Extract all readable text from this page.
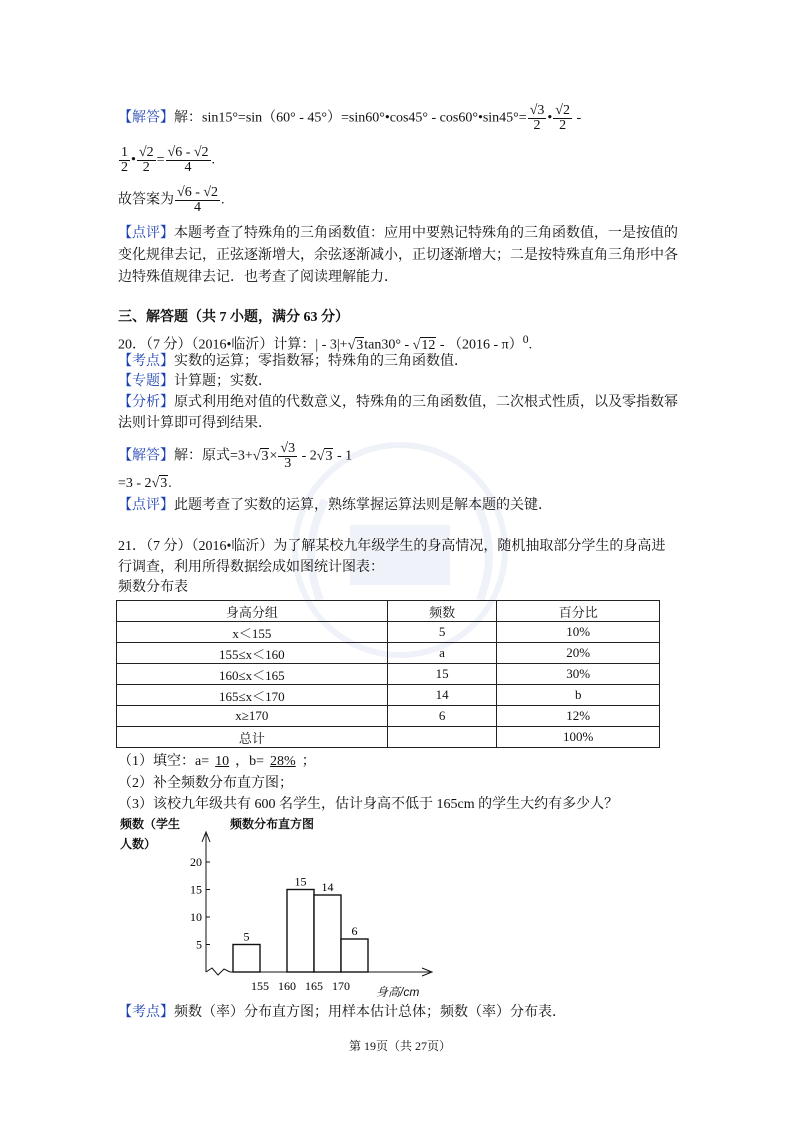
【解答】解：sin15°=sin（60° - 45°）=sin60°•cos45° - cos60°•sin45°= $\frac{√3}{2}$ • $\frac{√2}{2}$ -
$\frac{1}{2}$ • $\frac{√2}{2} = \frac{√6 - √2}{4}$ .
故答案为 $\frac{√6 - √2}{4}$ .
【点评】本题考查了特殊角的三角函数值：应用中要熟记特殊角的三角函数值，一是按值的
变化规律去记，正弦逐渐增大，余弦逐渐减小，正切逐渐增大；二是按特殊直角三角形中各
边特殊值规律去记．也考查了阅读理解能力．
三、解答题（共 7 小题，满分 63 分）
20．（7 分）（2016•临沂）计算：| - 3|+√3tan30° - √12 - （2016 - π）$^0$.
【考点】实数的运算；零指数幂；特殊角的三角函数值．
【专题】计算题；实数．
【分析】原式利用绝对值的代数意义，特殊角的三角函数值，二次根式性质，以及零指数幂
法则计算即可得到结果．
【解答】解：原式$=3+√3\times \frac{√3}{3} - 2√3 - 1$
=3 - 2√3.
【点评】此题考查了实数的运算，熟练掌握运算法则是解本题的关键．
21．（7 分）（2016•临沂）为了解某校九年级学生的身高情况，随机抽取部分学生的身高进
行调查，利用所得数据绘成如图统计图表：
频数分布表
身高分组	频数	百分比
x＜155	5	10%
155≤x＜160	a	20%
160≤x＜165	15	30%
165≤x＜170	14	b
x≥170	6	12%
总计		100%
（1）填空：a= 10 ，b= 28% ；
（2）补全频数分布直方图；
（3）该校九年级共有 600 名学生，估计身高不低于 165cm 的学生大约有多少人？
频数（学生
人数）
频数分布直方图
身高/cm
5
10
15
20
155 160 165 170
5
15 14
6
【考点】频数（率）分布直方图；用样本估计总体；频数（率）分布表．
第 19页（共 27页）
